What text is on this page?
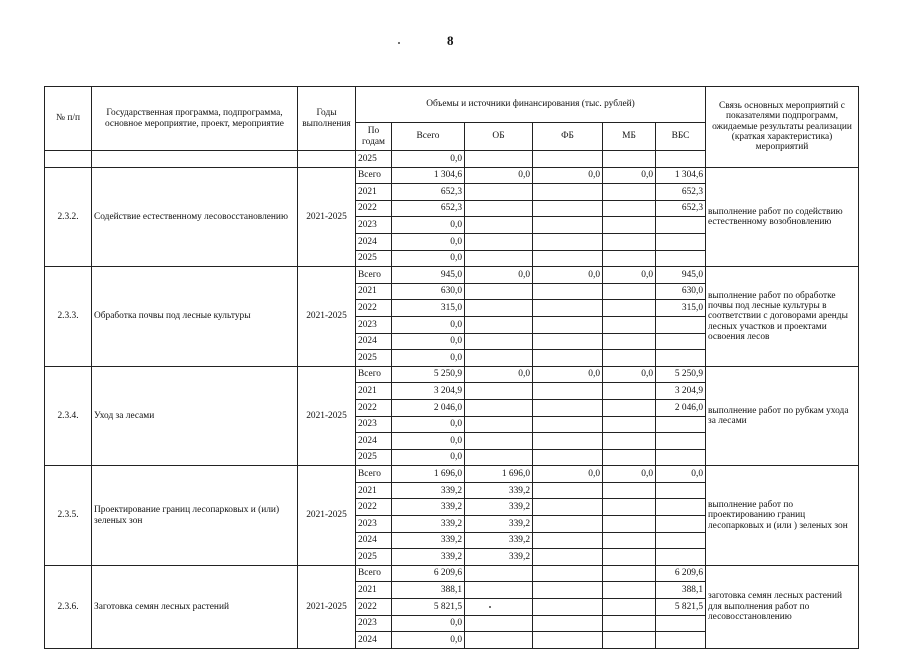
8
№ п/п	Государственная программа, подпрограмма, основное мероприятие, проект, мероприятие	Годы выполнения	Объемы и источники финансирования (тыс. рублей)						Связь основных мероприятий с показателями подпрограмм, ожидаемые результаты реализации (краткая характеристика) мероприятий
			По годам	Всего	ОБ	ФБ	МБ	ВБС	
			2025	0,0					
2.3.2.	Содействие естественному лесовосстановлению	2021-2025	Всего	1 304,6	0,0	0,0	0,0	1 304,6	выполнение работ по содействию естественному возобновлению
			2021	652,3				652,3	
			2022	652,3				652,3	
			2023	0,0					
			2024	0,0					
			2025	0,0					
2.3.3.	Обработка почвы под лесные культуры	2021-2025	Всего	945,0	0,0	0,0	0,0	945,0	выполнение работ по обработке почвы под лесные культуры в соответствии с договорами аренды лесных участков и проектами освоения лесов
			2021	630,0				630,0	
			2022	315,0				315,0	
			2023	0,0					
			2024	0,0					
			2025	0,0					
2.3.4.	Уход за лесами	2021-2025	Всего	5 250,9	0,0	0,0	0,0	5 250,9	выполнение работ по рубкам ухода за лесами
			2021	3 204,9				3 204,9	
			2022	2 046,0				2 046,0	
			2023	0,0					
			2024	0,0					
			2025	0,0					
2.3.5.	Проектирование границ лесопарковых и (или) зеленых зон	2021-2025	Всего	1 696,0	1 696,0	0,0	0,0	0,0	выполнение работ по проектированию границ лесопарковых и (или ) зеленых зон
			2021	339,2	339,2				
			2022	339,2	339,2				
			2023	339,2	339,2				
			2024	339,2	339,2				
			2025	339,2	339,2				
2.3.6.	Заготовка семян лесных растений	2021-2025	Всего	6 209,6				6 209,6	заготовка семян лесных растений для выполнения работ по лесовосстановлению
			2021	388,1				388,1	
			2022	5 821,5				5 821,5	
			2023	0,0					
			2024	0,0					
